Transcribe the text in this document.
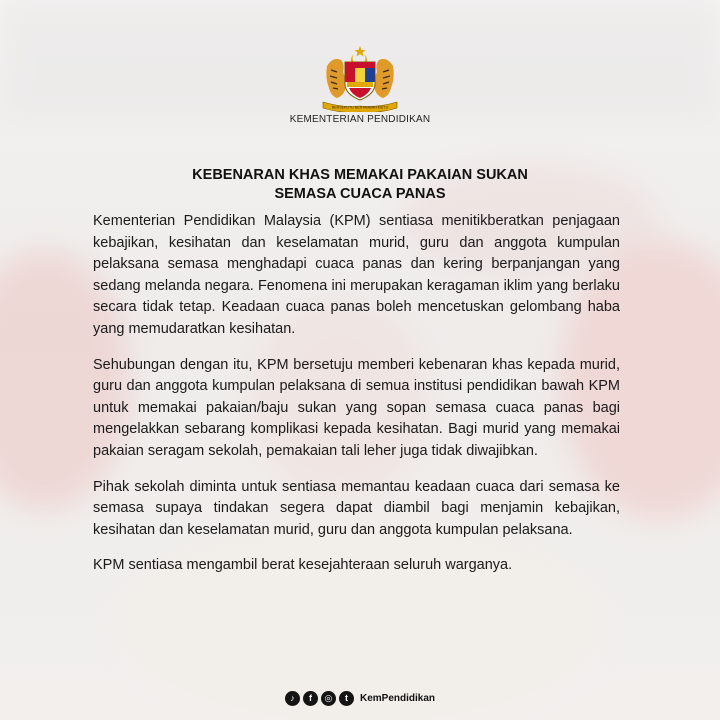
BERSEKUTU BERTAMBAH MUTU
KEMENTERIAN PENDIDIKAN
KEBENARAN KHAS MEMAKAI PAKAIAN SUKAN
SEMASA CUACA PANAS

Kementerian Pendidikan Malaysia (KPM) sentiasa menitikberatkan penjagaan kebajikan, kesihatan dan keselamatan murid, guru dan anggota kumpulan pelaksana semasa menghadapi cuaca panas dan kering berpanjangan yang sedang melanda negara. Fenomena ini merupakan keragaman iklim yang berlaku secara tidak tetap. Keadaan cuaca panas boleh mencetuskan gelombang haba yang memudaratkan kesihatan.

Sehubungan dengan itu, KPM bersetuju memberi kebenaran khas kepada murid, guru dan anggota kumpulan pelaksana di semua institusi pendidikan bawah KPM untuk memakai pakaian/baju sukan yang sopan semasa cuaca panas bagi mengelakkan sebarang komplikasi kepada kesihatan. Bagi murid yang memakai pakaian seragam sekolah, pemakaian tali leher juga tidak diwajibkan.

Pihak sekolah diminta untuk sentiasa memantau keadaan cuaca dari semasa ke semasa supaya tindakan segera dapat diambil bagi menjamin kebajikan, kesihatan dan keselamatan murid, guru dan anggota kumpulan pelaksana.

KPM sentiasa mengambil berat kesejahteraan seluruh warganya.

♪	f	◎	t	KemPendidikan
